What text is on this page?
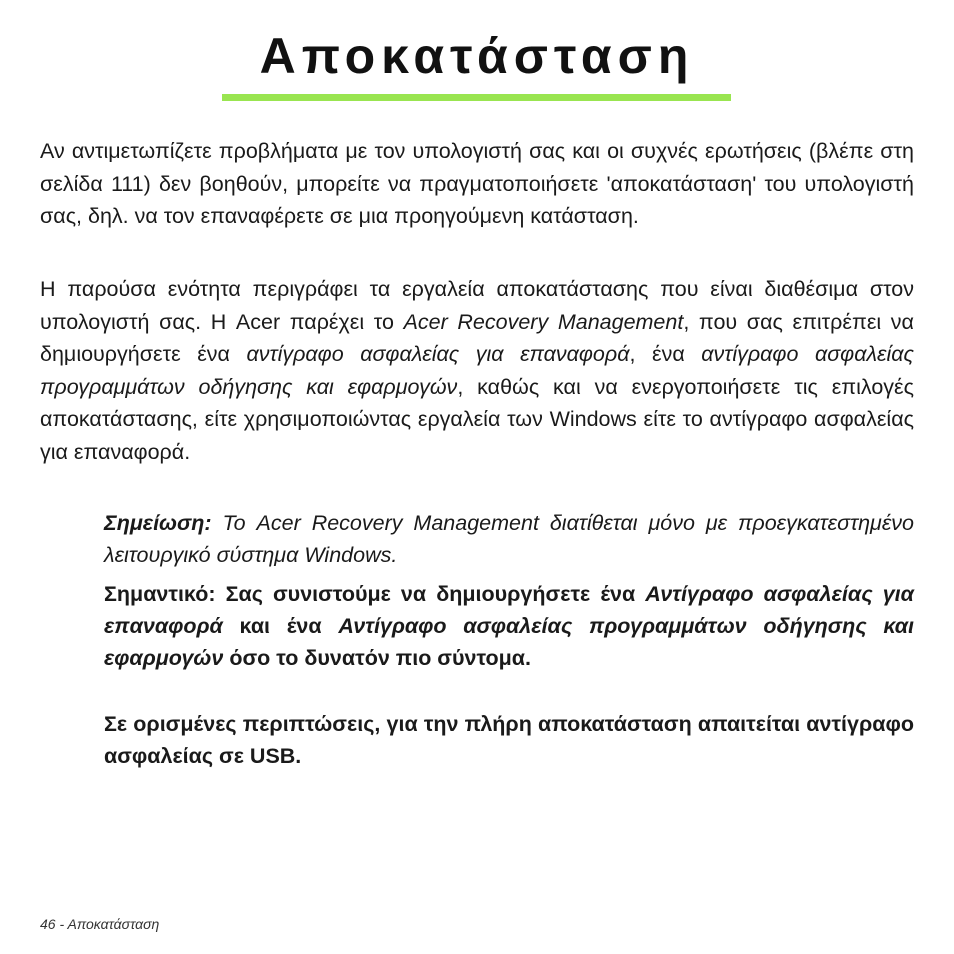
Αποκατάσταση

Αν αντιμετωπίζετε προβλήματα με τον υπολογιστή σας και οι συχνές ερωτήσεις (βλέπε στη σελίδα 111) δεν βοηθούν, μπορείτε να πραγματοποιήσετε 'αποκατάσταση' του υπολογιστή σας, δηλ. να τον επαναφέρετε σε μια προηγούμενη κατάσταση.

Η παρούσα ενότητα περιγράφει τα εργαλεία αποκατάστασης που είναι διαθέσιμα στον υπολογιστή σας. Η Acer παρέχει το Acer Recovery Management, που σας επιτρέπει να δημιουργήσετε ένα αντίγραφο ασφαλείας για επαναφορά, ένα αντίγραφο ασφαλείας προγραμμάτων οδήγησης και εφαρμογών, καθώς και να ενεργοποιήσετε τις επιλογές αποκατάστασης, είτε χρησιμοποιώντας εργαλεία των Windows είτε το αντίγραφο ασφαλείας για επαναφορά.

Σημείωση: Το Acer Recovery Management διατίθεται μόνο με προεγκατεστημένο λειτουργικό σύστημα Windows.

Σημαντικό: Σας συνιστούμε να δημιουργήσετε ένα Αντίγραφο ασφαλείας για επαναφορά και ένα Αντίγραφο ασφαλείας προγραμμάτων οδήγησης και εφαρμογών όσο το δυνατόν πιο σύντομα.

Σε ορισμένες περιπτώσεις, για την πλήρη αποκατάσταση απαιτείται αντίγραφο ασφαλείας σε USB.

46 - Αποκατάσταση
